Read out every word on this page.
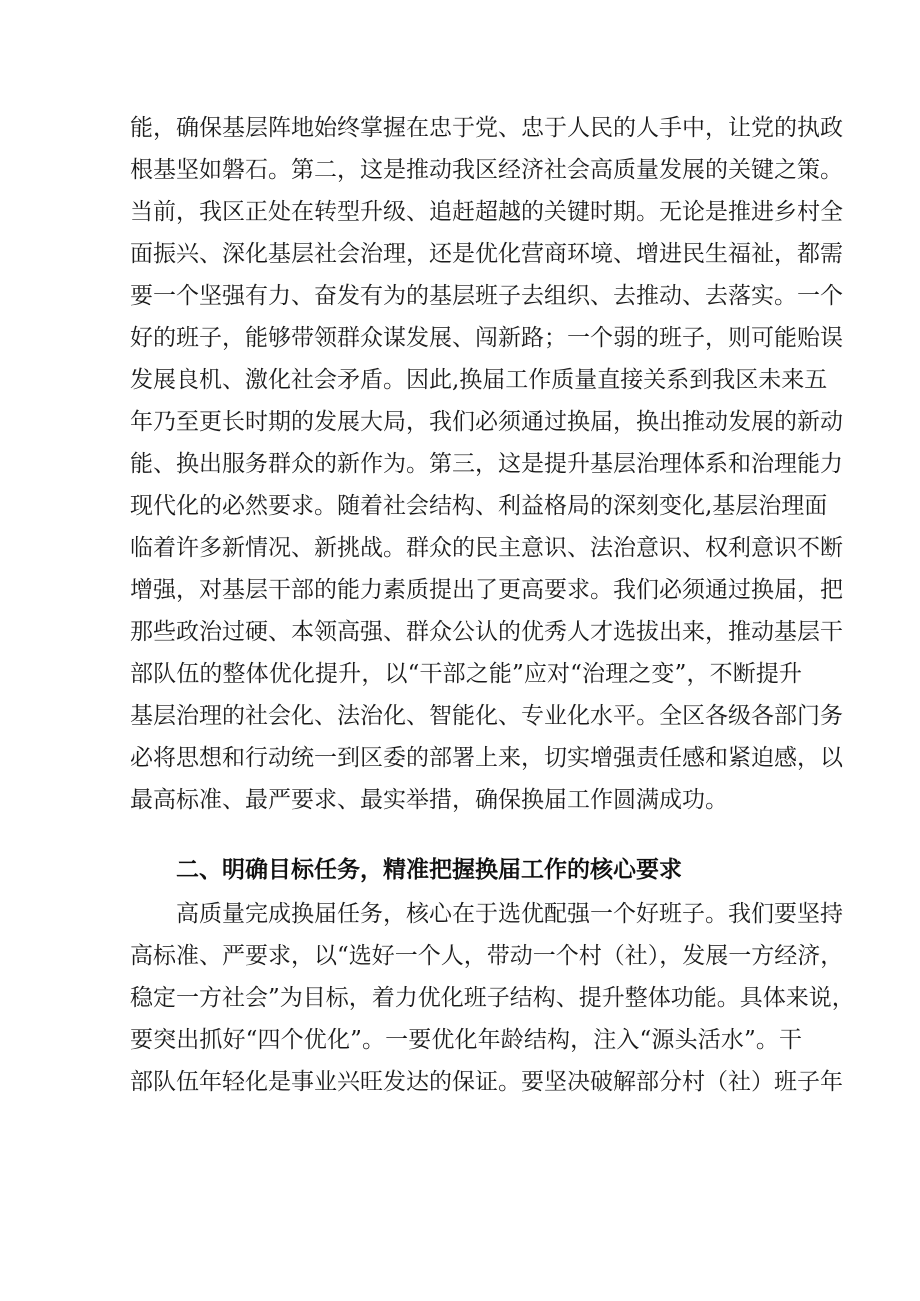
能，确保基层阵地始终掌握在忠于党、忠于人民的人手中，让党的执政
根基坚如磐石。第二，这是推动我区经济社会高质量发展的关键之策。
当前，我区正处在转型升级、追赶超越的关键时期。无论是推进乡村全
面振兴、深化基层社会治理，还是优化营商环境、增进民生福祉，都需
要一个坚强有力、奋发有为的基层班子去组织、去推动、去落实。一个
好的班子，能够带领群众谋发展、闯新路；一个弱的班子，则可能贻误
发展良机、激化社会矛盾。因此,换届工作质量直接关系到我区未来五
年乃至更长时期的发展大局，我们必须通过换届，换出推动发展的新动
能、换出服务群众的新作为。第三，这是提升基层治理体系和治理能力
现代化的必然要求。随着社会结构、利益格局的深刻变化,基层治理面
临着许多新情况、新挑战。群众的民主意识、法治意识、权利意识不断
增强，对基层干部的能力素质提出了更高要求。我们必须通过换届，把
那些政治过硬、本领高强、群众公认的优秀人才选拔出来，推动基层干
部队伍的整体优化提升，以“干部之能”应对“治理之变”，不断提升
基层治理的社会化、法治化、智能化、专业化水平。全区各级各部门务
必将思想和行动统一到区委的部署上来，切实增强责任感和紧迫感，以
最高标准、最严要求、最实举措，确保换届工作圆满成功。
二、明确目标任务，精准把握换届工作的核心要求
高质量完成换届任务，核心在于选优配强一个好班子。我们要坚持
高标准、严要求，以“选好一个人，带动一个村（社），发展一方经济，
稳定一方社会”为目标，着力优化班子结构、提升整体功能。具体来说，
要突出抓好“四个优化”。一要优化年龄结构，注入“源头活水”。干
部队伍年轻化是事业兴旺发达的保证。要坚决破解部分村（社）班子年
